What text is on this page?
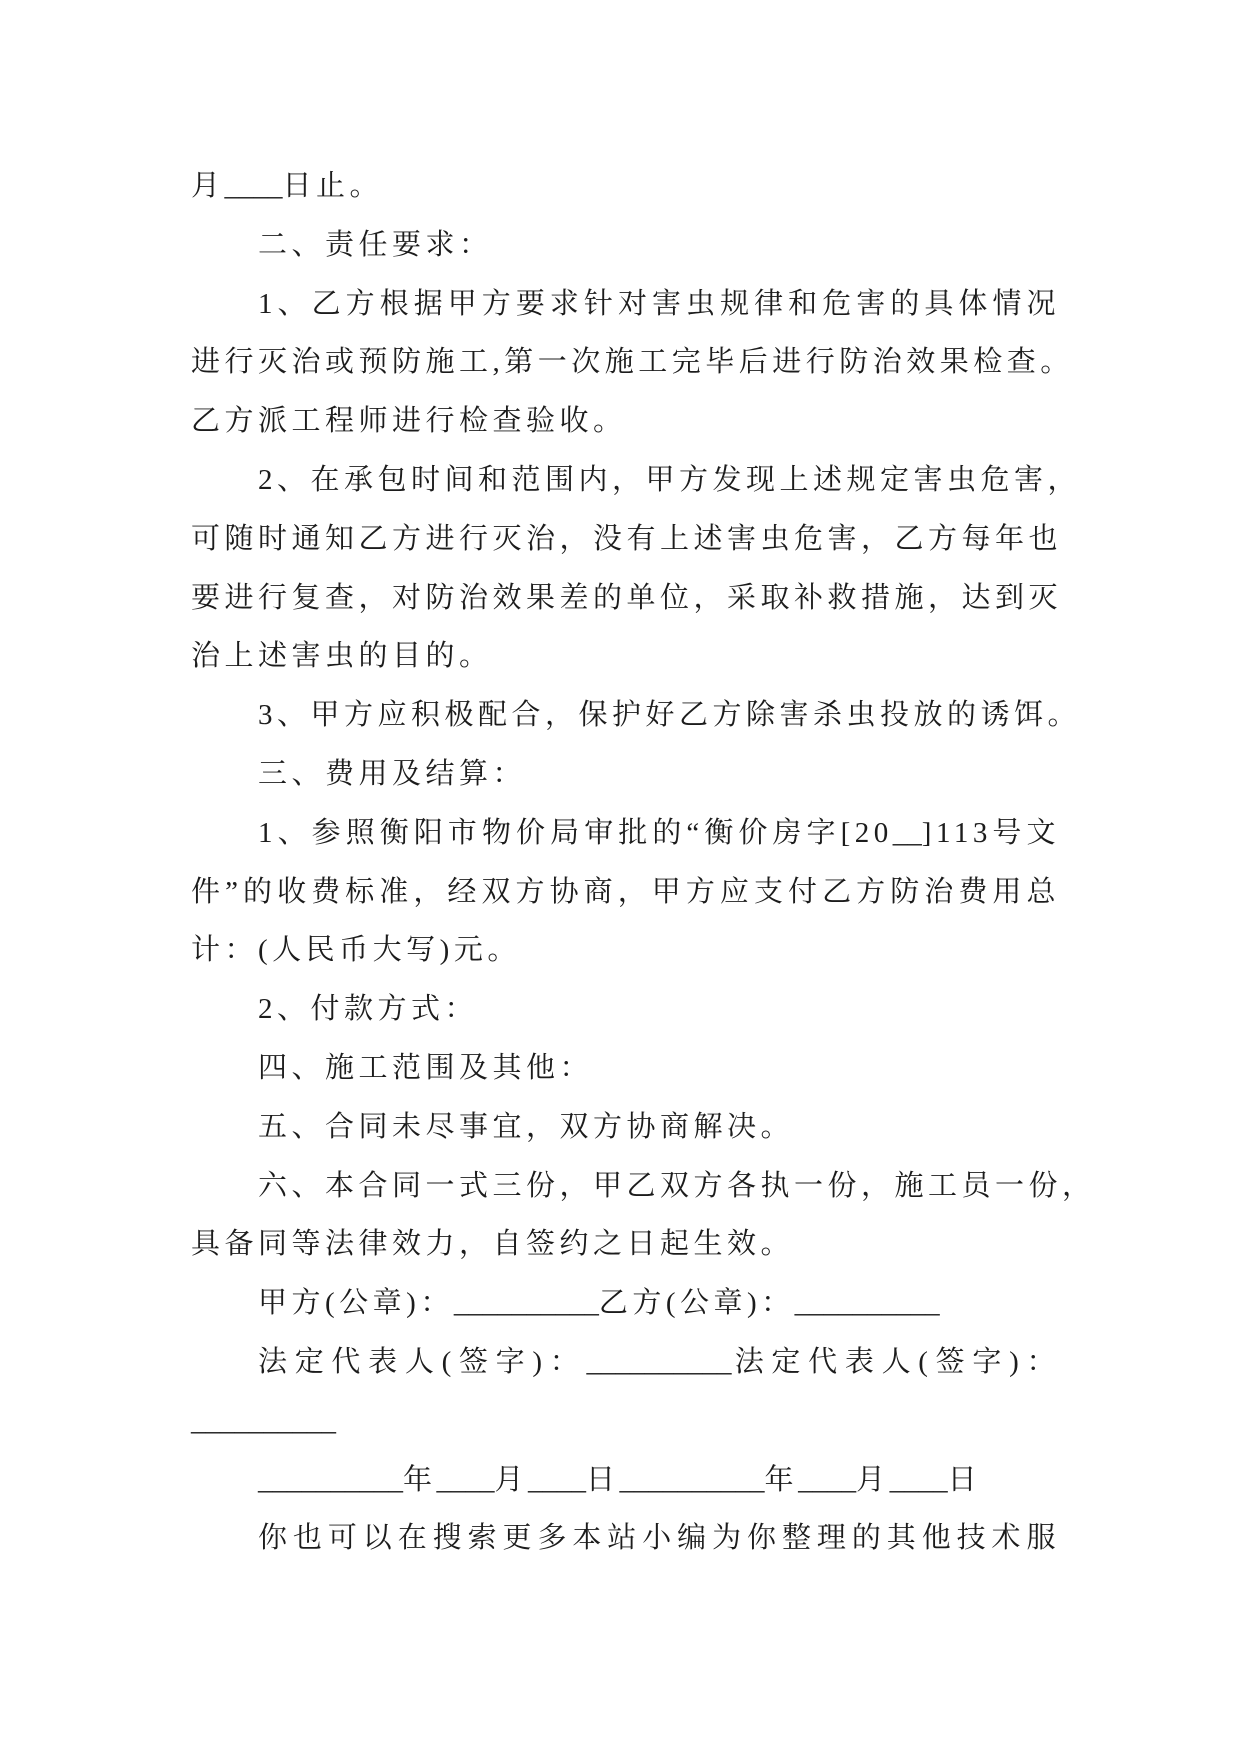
月____日止。
二、责任要求：
1、乙方根据甲方要求针对害虫规律和危害的具体情况
进行灭治或预防施工,第一次施工完毕后进行防治效果检查。
乙方派工程师进行检查验收。
2、在承包时间和范围内，甲方发现上述规定害虫危害，
可随时通知乙方进行灭治，没有上述害虫危害，乙方每年也
要进行复查，对防治效果差的单位，采取补救措施，达到灭
治上述害虫的目的。
3、甲方应积极配合，保护好乙方除害杀虫投放的诱饵。
三、费用及结算：
1、参照衡阳市物价局审批的“衡价房字[20__]113号文
件”的收费标准，经双方协商，甲方应支付乙方防治费用总
计：(人民币大写)元。
2、付款方式：
四、施工范围及其他：
五、合同未尽事宜，双方协商解决。
六、本合同一式三份，甲乙双方各执一份，施工员一份，
具备同等法律效力，自签约之日起生效。
甲方(公章)：__________乙方(公章)：__________
法定代表人(签字)：__________法定代表人(签字)：
__________
__________年____月____日__________年____月____日
你也可以在搜索更多本站小编为你整理的其他技术服
